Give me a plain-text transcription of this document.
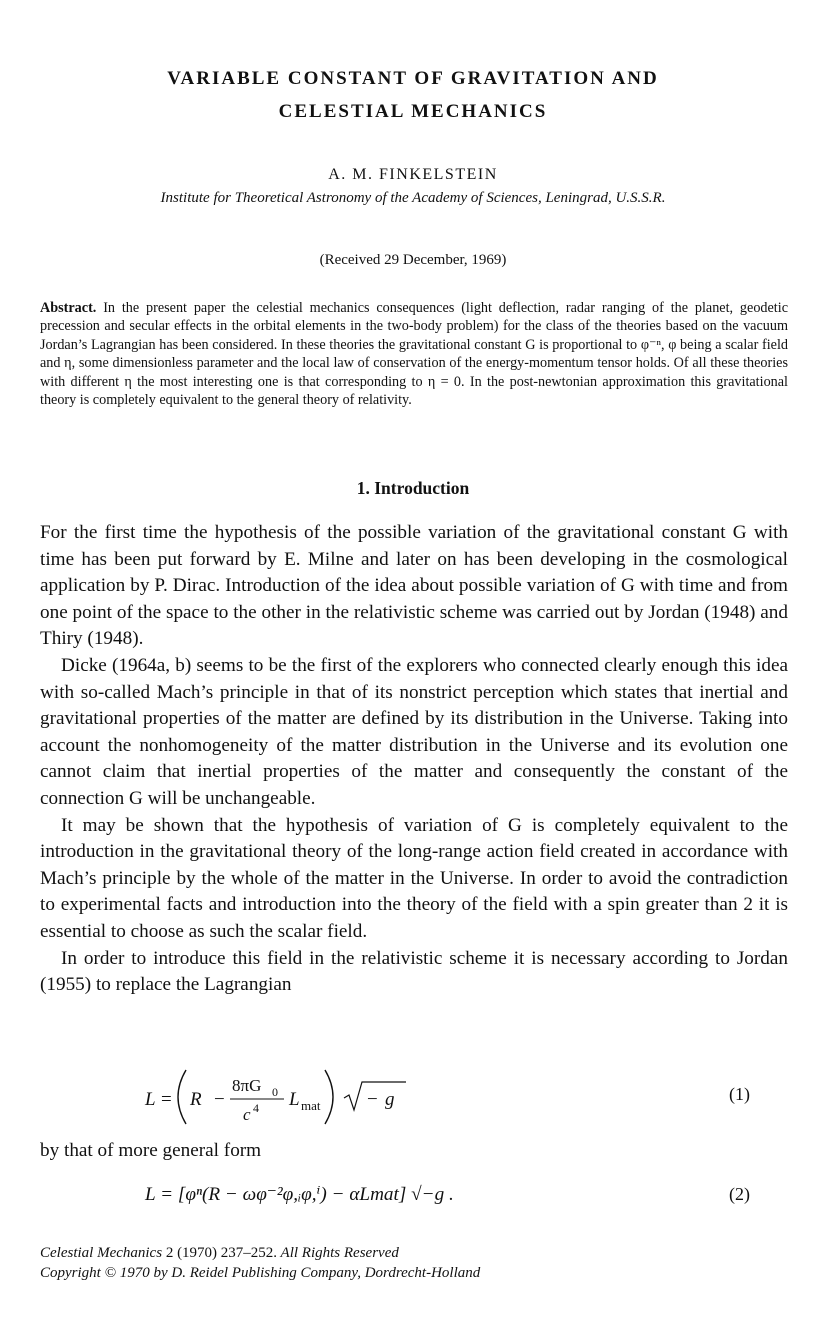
VARIABLE CONSTANT OF GRAVITATION AND
CELESTIAL MECHANICS
A. M. FINKELSTEIN
Institute for Theoretical Astronomy of the Academy of Sciences, Leningrad, U.S.S.R.
(Received 29 December, 1969)

Abstract. In the present paper the celestial mechanics consequences (light deflection, radar ranging of the planet, geodetic precession and secular effects in the orbital elements in the two-body problem) for the class of the theories based on the vacuum Jordan’s Lagrangian has been considered. In these theories the gravitational constant G is proportional to φ⁻ⁿ, φ being a scalar field and η, some dimensionless parameter and the local law of conservation of the energy-momentum tensor holds. Of all these theories with different η the most interesting one is that corresponding to η = 0. In the post-newtonian approximation this gravitational theory is completely equivalent to the general theory of relativity.

1. Introduction

For the first time the hypothesis of the possible variation of the gravitational constant G with time has been put forward by E. Milne and later on has been developing in the cosmological application by P. Dirac. Introduction of the idea about possible variation of G with time and from one point of the space to the other in the relativistic scheme was carried out by Jordan (1948) and Thiry (1948).

Dicke (1964a, b) seems to be the first of the explorers who connected clearly enough this idea with so-called Mach’s principle in that of its nonstrict perception which states that inertial and gravitational properties of the matter are defined by its distribution in the Universe. Taking into account the nonhomogeneity of the matter distribution in the Universe and its evolution one cannot claim that inertial properties of the matter and consequently the constant of the connection G will be unchangeable.

It may be shown that the hypothesis of variation of G is completely equivalent to the introduction in the gravitational theory of the long-range action field created in accordance with Mach’s principle by the whole of the matter in the Universe. In order to avoid the contradiction to experimental facts and introduction into the theory of the field with a spin greater than 2 it is essential to choose as such the scalar field.

In order to introduce this field in the relativistic scheme it is necessary according to Jordan (1955) to replace the Lagrangian

L = R −
8πG 0
c 4 L mat − g	(1)
by that of more general form
L = [φⁿ(R − ωφ⁻²φ,ᵢφ,ⁱ) − αLmat] √−g .	(2)
Celestial Mechanics 2 (1970) 237–252. All Rights Reserved
Copyright © 1970 by D. Reidel Publishing Company, Dordrecht-Holland
